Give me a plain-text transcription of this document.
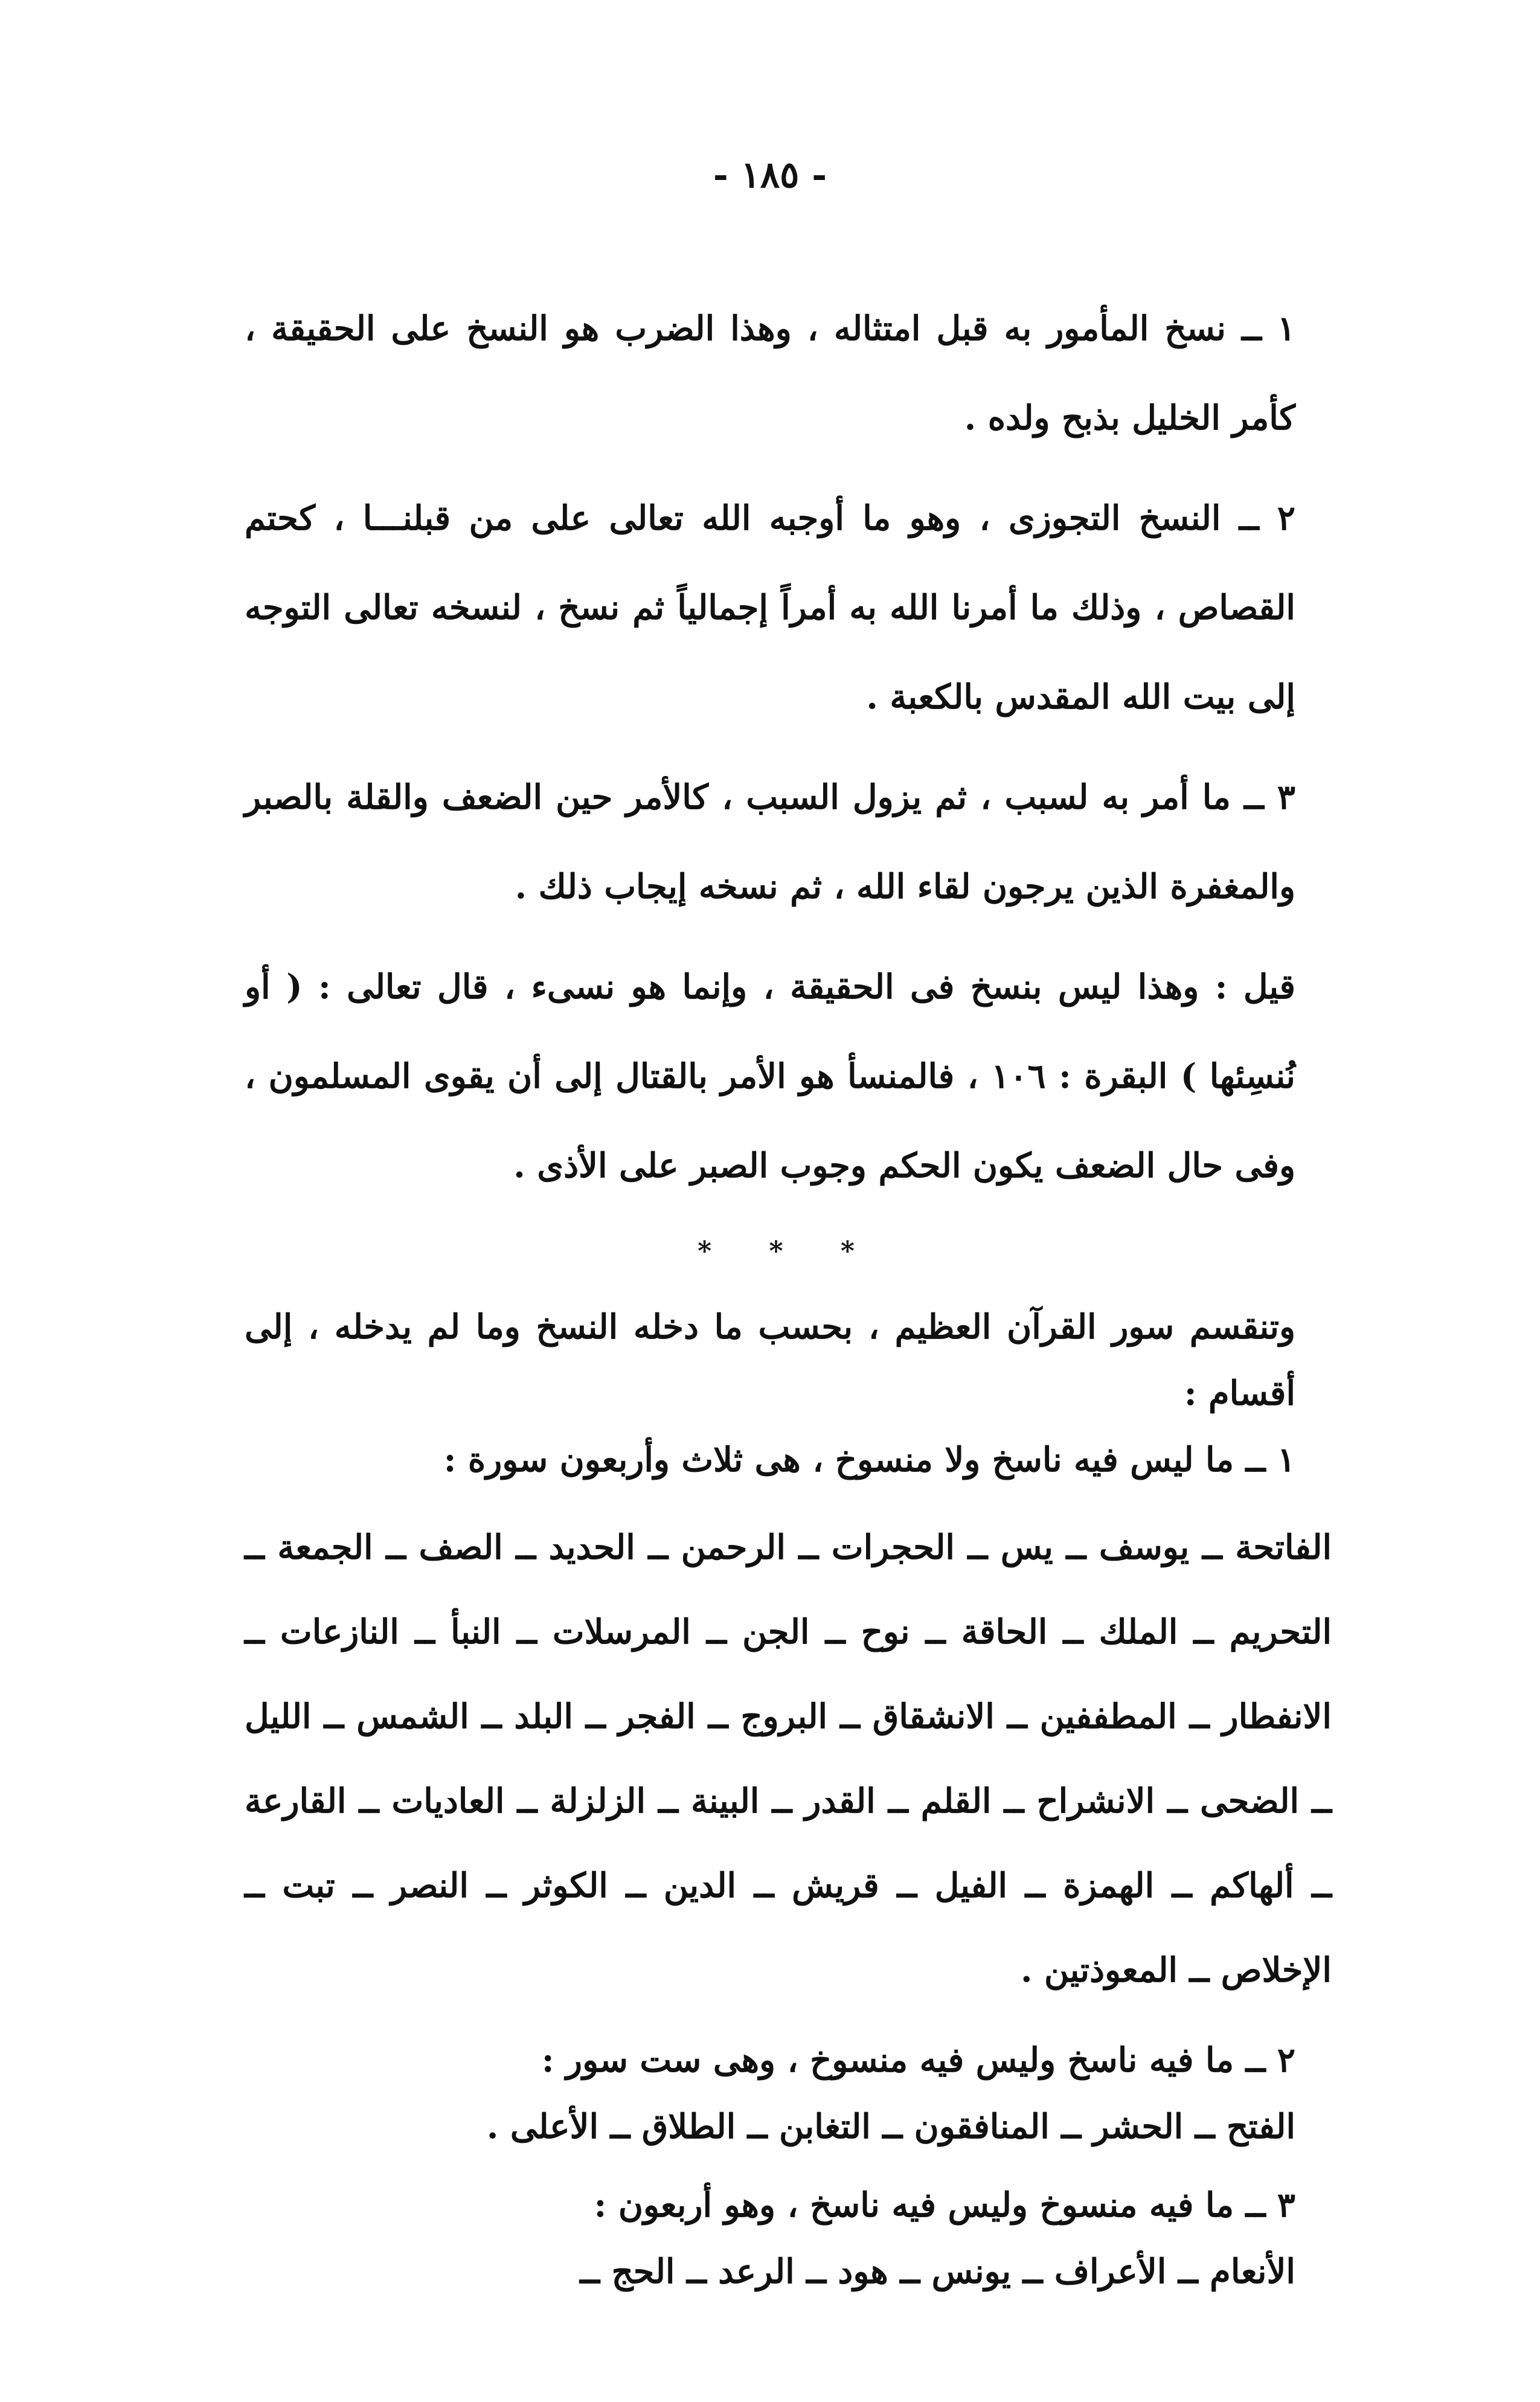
- ١٨٥ -

١ ــ نسخ المأمور به قبل امتثاله ، وهذا الضرب هو النسخ على الحقيقة ، كأمر الخليل بذبح ولده .

٢ ــ النسخ التجوزى ، وهو ما أوجبه الله تعالى على من قبلنـــا ، كحتم القصاص ، وذلك ما أمرنا الله به أمراً إجمالياً ثم نسخ ، لنسخه تعالى التوجه إلى بيت الله المقدس بالكعبة .

٣ ــ ما أمر به لسبب ، ثم يزول السبب ، كالأمر حين الضعف والقلة بالصبر والمغفرة الذين يرجون لقاء الله ، ثم نسخه إيجاب ذلك .

قيل : وهذا ليس بنسخ فى الحقيقة ، وإنما هو نسىء ، قال تعالى : ( أو نُنسِئها ) البقرة : ١٠٦ ، فالمنسأ هو الأمر بالقتال إلى أن يقوى المسلمون ، وفى حال الضعف يكون الحكم وجوب الصبر على الأذى .

* * *

وتنقسم سور القرآن العظيم ، بحسب ما دخله النسخ وما لم يدخله ، إلى أقسام :

١ ــ ما ليس فيه ناسخ ولا منسوخ ، هى ثلاث وأربعون سورة :

الفاتحة ــ يوسف ــ يس ــ الحجرات ــ الرحمن ــ الحديد ــ الصف ــ الجمعة ــ التحريم ــ الملك ــ الحاقة ــ نوح ــ الجن ــ المرسلات ــ النبأ ــ النازعات ــ الانفطار ــ المطففين ــ الانشقاق ــ البروج ــ الفجر ــ البلد ــ الشمس ــ الليل ــ الضحى ــ الانشراح ــ القلم ــ القدر ــ البينة ــ الزلزلة ــ العاديات ــ القارعة ــ ألهاكم ــ الهمزة ــ الفيل ــ قريش ــ الدين ــ الكوثر ــ النصر ــ تبت ــ الإخلاص ــ المعوذتين .

٢ ــ ما فيه ناسخ وليس فيه منسوخ ، وهى ست سور :

الفتح ــ الحشر ــ المنافقون ــ التغابن ــ الطلاق ــ الأعلى .

٣ ــ ما فيه منسوخ وليس فيه ناسخ ، وهو أربعون :

الأنعام ــ الأعراف ــ يونس ــ هود ــ الرعد ــ الحج ــ
